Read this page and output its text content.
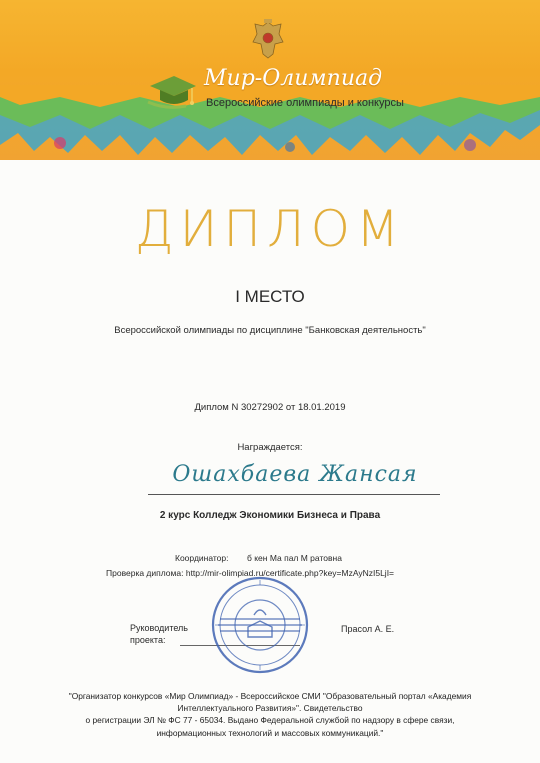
Мир-Олимпиад
Всероссийские олимпиады и конкурсы
ДИПЛОМ
I МЕСТО
Всероссийской олимпиады по дисциплине "Банковская деятельность"
Диплом N 30272902 от 18.01.2019
Награждается:
Ошахбаева Жансая
2 курс Колледж Экономики Бизнеса и Права
Координатор: б кен Ма пал М ратовна
Проверка диплома: http://mir-olimpiad.ru/certificate.php?key=MzAyNzI5LjI=
Руководитель
проекта:
Прасол А. Е.
"Организатор конкурсов «Мир Олимпиад» - Всероссийское СМИ "Образовательный портал «Академия
Интеллектуального Развития»". Свидетельство
о регистрации ЭЛ № ФС 77 - 65034. Выдано Федеральной службой по надзору в сфере связи,
информационных технологий и массовых коммуникаций."
